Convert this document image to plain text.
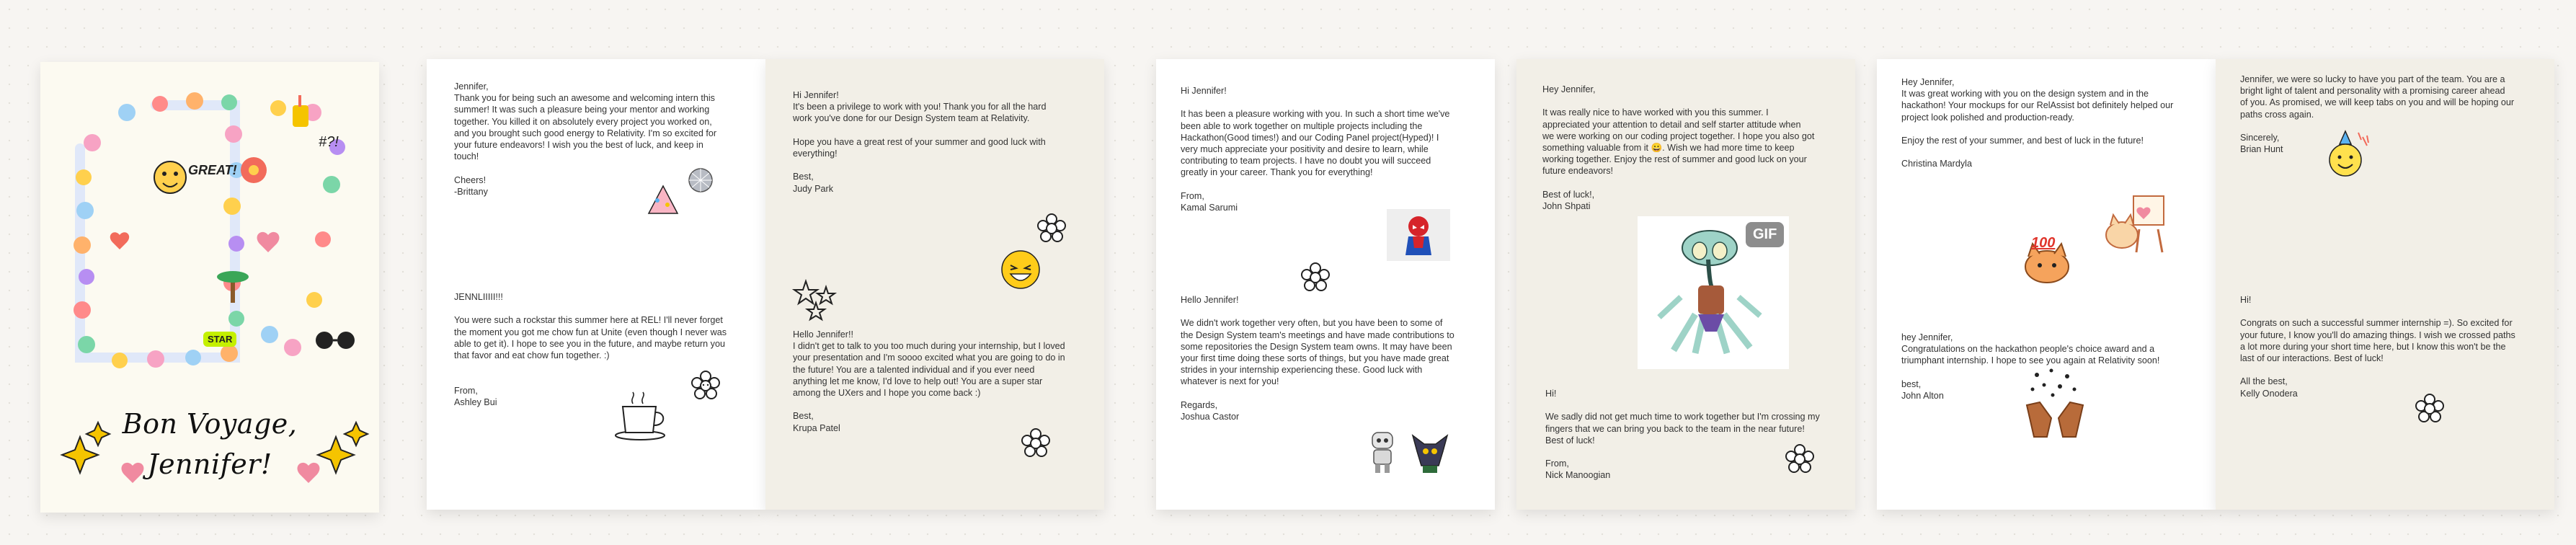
GREAT!
STAR
#?!
Bon Voyage,
Jennifer!
Jennifer,
Thank you for being such an awesome and welcoming intern this
summer! It was such a pleasure being your mentor and working
together. You killed it on absolutely every project you worked on,
and you brought such good energy to Relativity. I'm so excited for
your future endeavors! I wish you the best of luck, and keep in
touch!

Cheers!
-Brittany
JENNLIIIII!!!

You were such a rockstar this summer here at REL! I'll never forget
the moment you got me chow fun at Unite (even though I never was
able to get it). I hope to see you in the future, and maybe return you
that favor and eat chow fun together. :)

From,
Ashley Bui
Hi Jennifer!
It's been a privilege to work with you! Thank you for all the hard
work you've done for our Design System team at Relativity.

Hope you have a great rest of your summer and good luck with
everything!

Best,
Judy Park
Hello Jennifer!!
I didn't get to talk to you too much during your internship, but I loved
your presentation and I'm soooo excited what you are going to do in
the future! You are a talented individual and if you ever need
anything let me know, I'd love to help out! You are a super star
among the UXers and I hope you come back :)

Best,
Krupa Patel
Hi Jennifer!

It has been a pleasure working with you. In such a short time we've
been able to work together on multiple projects including the
Hackathon(Good times!) and our Coding Panel project(Hyped)! I
very much appreciate your positivity and desire to learn, while
contributing to team projects. I have no doubt you will succeed
greatly in your career. Thank you for everything!

From,
Kamal Sarumi
Hello Jennifer!

We didn't work together very often, but you have been to some of
the Design System team's meetings and have made contributions to
some repositories the Design System team owns. It may have been
your first time doing these sorts of things, but you have made great
strides in your internship experiencing these. Good luck with
whatever is next for you!

Regards,
Joshua Castor
Hey Jennifer,

It was really nice to have worked with you this summer. I
appreciated your attention to detail and self starter attitude when
we were working on our coding project together. I hope you also got
something valuable from it 😀. Wish we had more time to keep
working together. Enjoy the rest of summer and good luck on your
future endeavors!

Best of luck!,
John Shpati
GIF
Hi!

We sadly did not get much time to work together but I'm crossing my
fingers that we can bring you back to the team in the near future!
Best of luck!

From,
Nick Manoogian
Hey Jennifer,
It was great working with you on the design system and in the
hackathon! Your mockups for our RelAssist bot definitely helped our
project look polished and production-ready.

Enjoy the rest of your summer, and best of luck in the future!

Christina Mardyla
100
hey Jennifer,
Congratulations on the hackathon people's choice award and a
triumphant internship. I hope to see you again at Relativity soon!

best,
John Alton
Jennifer, we were so lucky to have you part of the team. You are a
bright light of talent and personality with a promising career ahead
of you. As promised, we will keep tabs on you and will be hoping our
paths cross again.

Sincerely,
Brian Hunt
Hi!

Congrats on such a successful summer internship =). So excited for
your future, I know you'll do amazing things. I wish we crossed paths
a lot more during your short time here, but I know this won't be the
last of our interactions. Best of luck!

All the best,
Kelly Onodera
